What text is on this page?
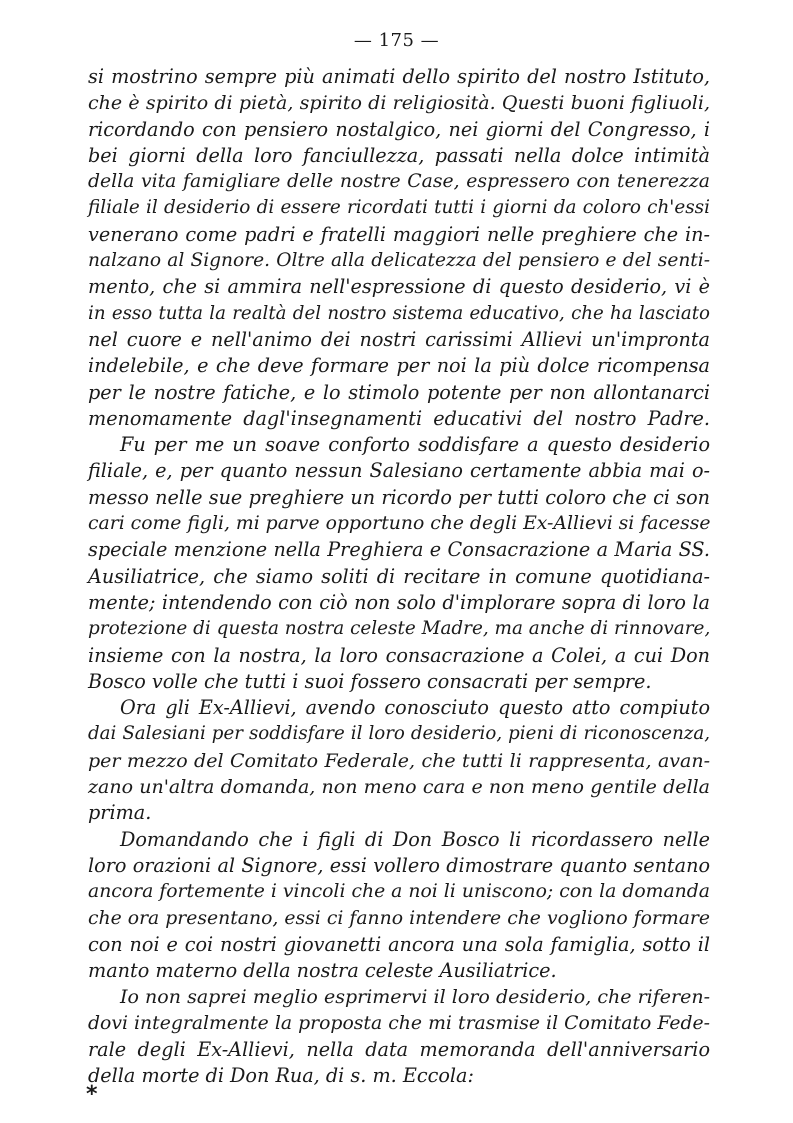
— 175 —
si mostrino sempre più animati dello spirito del nostro Istituto,
che è spirito di pietà, spirito di religiosità. Questi buoni figliuoli,
ricordando con pensiero nostalgico, nei giorni del Congresso, i
bei giorni della loro fanciullezza, passati nella dolce intimità
della vita famigliare delle nostre Case, espressero con tenerezza
filiale il desiderio di essere ricordati tutti i giorni da coloro ch'essi
venerano come padri e fratelli maggiori nelle preghiere che in-
nalzano al Signore. Oltre alla delicatezza del pensiero e del senti-
mento, che si ammira nell'espressione di questo desiderio, vi è
in esso tutta la realtà del nostro sistema educativo, che ha lasciato
nel cuore e nell'animo dei nostri carissimi Allievi un'impronta
indelebile, e che deve formare per noi la più dolce ricompensa
per le nostre fatiche, e lo stimolo potente per non allontanarci
menomamente dagl'insegnamenti educativi del nostro Padre.
Fu per me un soave conforto soddisfare a questo desiderio
filiale, e, per quanto nessun Salesiano certamente abbia mai o-
messo nelle sue preghiere un ricordo per tutti coloro che ci son
cari come figli, mi parve opportuno che degli Ex-Allievi si facesse
speciale menzione nella Preghiera e Consacrazione a Maria SS.
Ausiliatrice, che siamo soliti di recitare in comune quotidiana-
mente; intendendo con ciò non solo d'implorare sopra di loro la
protezione di questa nostra celeste Madre, ma anche di rinnovare,
insieme con la nostra, la loro consacrazione a Colei, a cui Don
Bosco volle che tutti i suoi fossero consacrati per sempre.
Ora gli Ex-Allievi, avendo conosciuto questo atto compiuto
dai Salesiani per soddisfare il loro desiderio, pieni di riconoscenza,
per mezzo del Comitato Federale, che tutti li rappresenta, avan-
zano un'altra domanda, non meno cara e non meno gentile della
prima.
Domandando che i figli di Don Bosco li ricordassero nelle
loro orazioni al Signore, essi vollero dimostrare quanto sentano
ancora fortemente i vincoli che a noi li uniscono; con la domanda
che ora presentano, essi ci fanno intendere che vogliono formare
con noi e coi nostri giovanetti ancora una sola famiglia, sotto il
manto materno della nostra celeste Ausiliatrice.
Io non saprei meglio esprimervi il loro desiderio, che riferen-
dovi integralmente la proposta che mi trasmise il Comitato Fede-
rale degli Ex-Allievi, nella data memoranda dell'anniversario
della morte di Don Rua, di s. m. Eccola:
*
